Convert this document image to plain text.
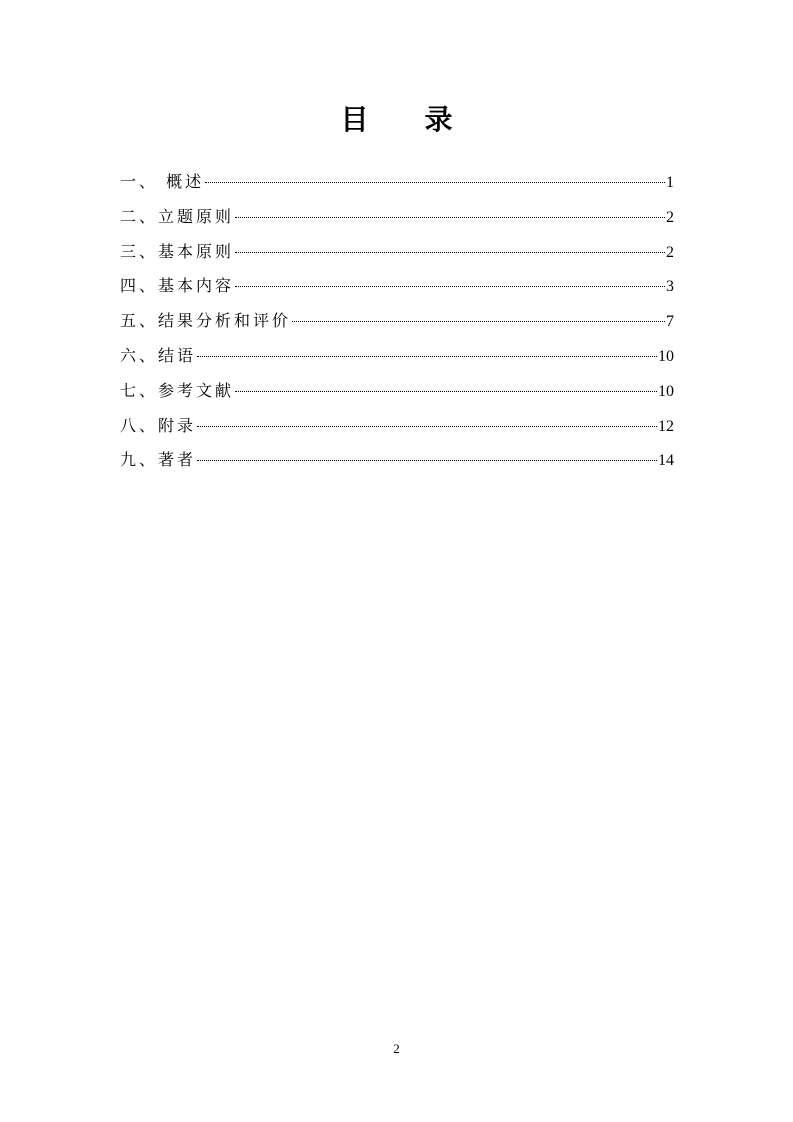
目 录
一、 概述	1
二、立题原则	2
三、基本原则	2
四、基本内容	3
五、结果分析和评价	7
六、结语	10
七、参考文献	10
八、附录	12
九、著者	14
2
